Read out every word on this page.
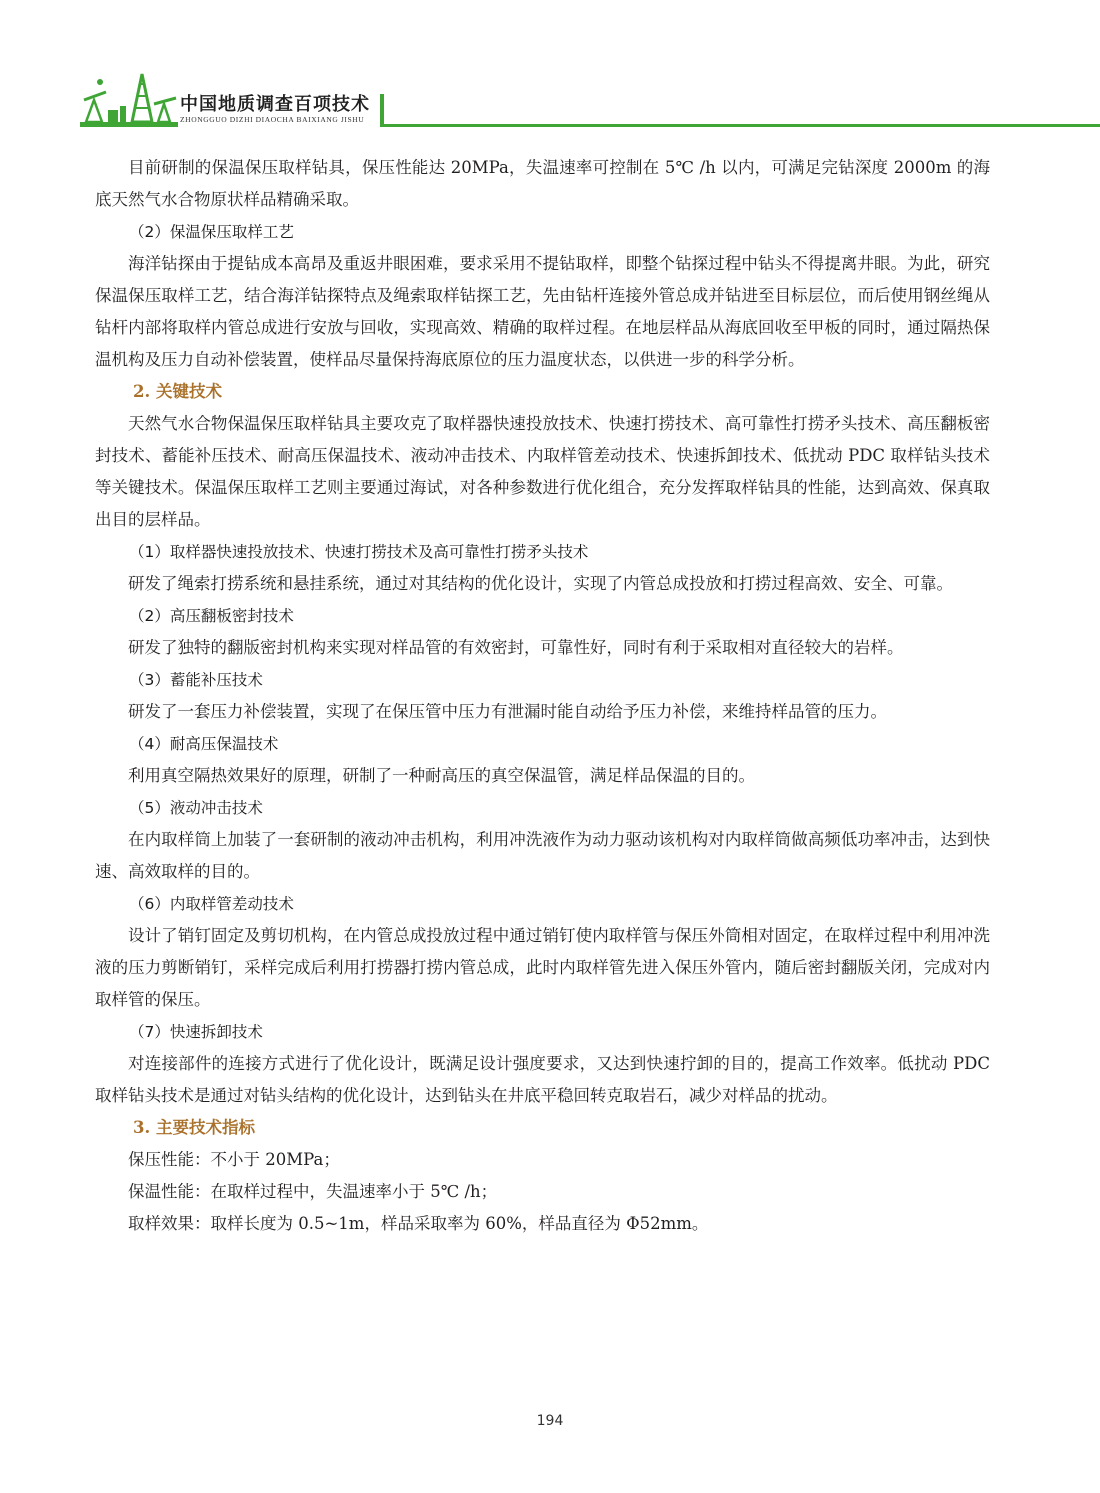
中国地质调查百项技术
ZHONGGUO DIZHI DIAOCHA BAIXIANG JISHU

目前研制的保温保压取样钻具，保压性能达 20MPa，失温速率可控制在 5℃ /h 以内，可满足完钻深度 2000m 的海底天然气水合物原状样品精确采取。

（2）保温保压取样工艺

海洋钻探由于提钻成本高昂及重返井眼困难，要求采用不提钻取样，即整个钻探过程中钻头不得提离井眼。为此，研究保温保压取样工艺，结合海洋钻探特点及绳索取样钻探工艺，先由钻杆连接外管总成并钻进至目标层位，而后使用钢丝绳从钻杆内部将取样内管总成进行安放与回收，实现高效、精确的取样过程。在地层样品从海底回收至甲板的同时，通过隔热保温机构及压力自动补偿装置，使样品尽量保持海底原位的压力温度状态，以供进一步的科学分析。

2. 关键技术

天然气水合物保温保压取样钻具主要攻克了取样器快速投放技术、快速打捞技术、高可靠性打捞矛头技术、高压翻板密封技术、蓄能补压技术、耐高压保温技术、液动冲击技术、内取样管差动技术、快速拆卸技术、低扰动 PDC 取样钻头技术等关键技术。保温保压取样工艺则主要通过海试，对各种参数进行优化组合，充分发挥取样钻具的性能，达到高效、保真取出目的层样品。

（1）取样器快速投放技术、快速打捞技术及高可靠性打捞矛头技术

研发了绳索打捞系统和悬挂系统，通过对其结构的优化设计，实现了内管总成投放和打捞过程高效、安全、可靠。

（2）高压翻板密封技术

研发了独特的翻版密封机构来实现对样品管的有效密封，可靠性好，同时有利于采取相对直径较大的岩样。

（3）蓄能补压技术

研发了一套压力补偿装置，实现了在保压管中压力有泄漏时能自动给予压力补偿，来维持样品管的压力。

（4）耐高压保温技术

利用真空隔热效果好的原理，研制了一种耐高压的真空保温管，满足样品保温的目的。

（5）液动冲击技术

在内取样筒上加装了一套研制的液动冲击机构，利用冲洗液作为动力驱动该机构对内取样筒做高频低功率冲击，达到快速、高效取样的目的。

（6）内取样管差动技术

设计了销钉固定及剪切机构，在内管总成投放过程中通过销钉使内取样管与保压外筒相对固定，在取样过程中利用冲洗液的压力剪断销钉，采样完成后利用打捞器打捞内管总成，此时内取样管先进入保压外管内，随后密封翻版关闭，完成对内取样管的保压。

（7）快速拆卸技术

对连接部件的连接方式进行了优化设计，既满足设计强度要求，又达到快速拧卸的目的，提高工作效率。低扰动 PDC 取样钻头技术是通过对钻头结构的优化设计，达到钻头在井底平稳回转克取岩石，减少对样品的扰动。

3. 主要技术指标

保压性能：不小于 20MPa；

保温性能：在取样过程中，失温速率小于 5℃ /h；

取样效果：取样长度为 0.5~1m，样品采取率为 60%，样品直径为 Φ52mm。

194
